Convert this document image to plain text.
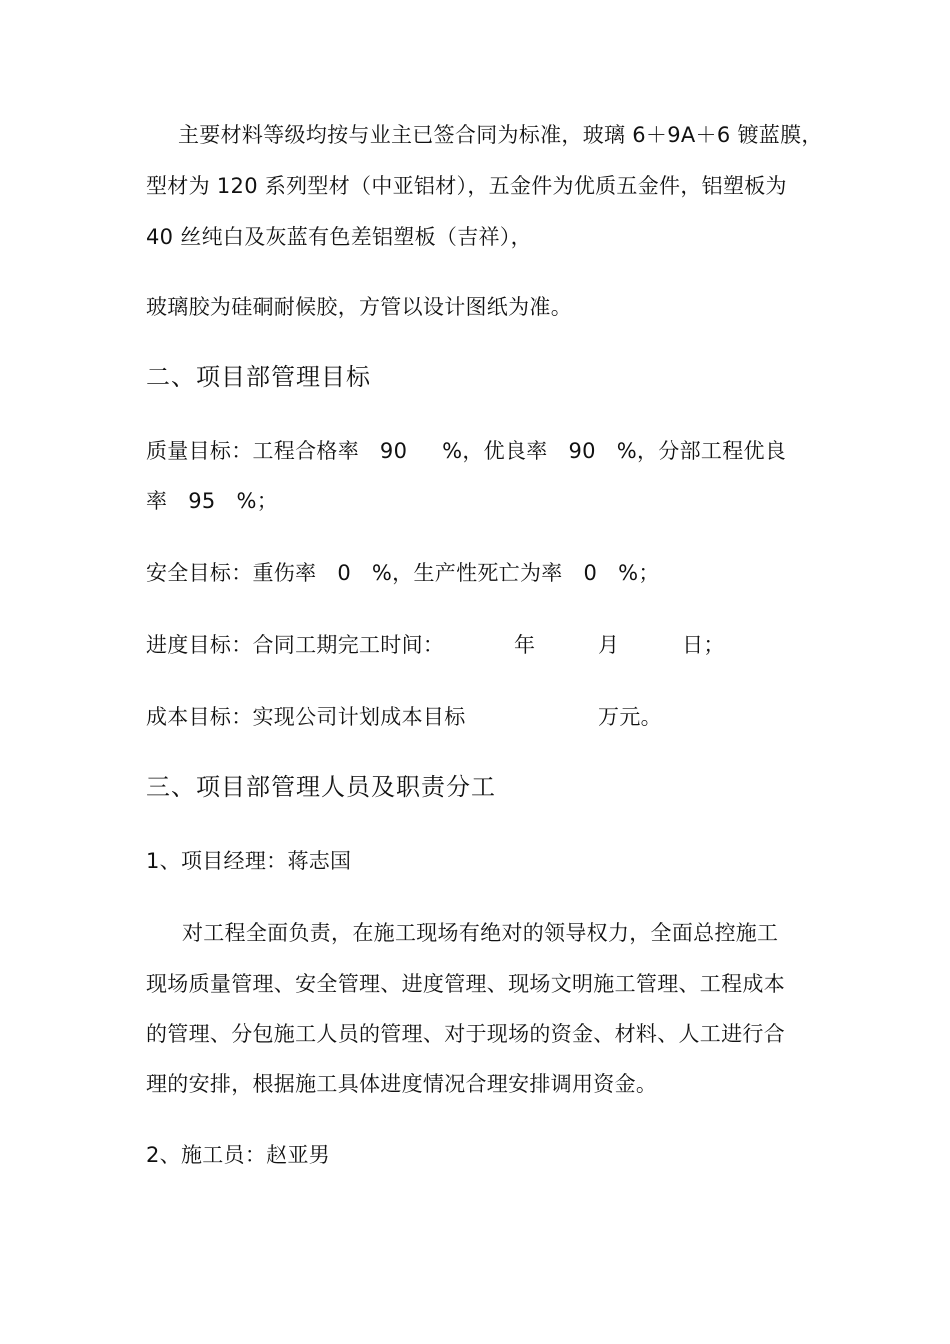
主要材料等级均按与业主已签合同为标准，玻璃 6＋9A＋6 镀蓝膜，
型材为 120 系列型材（中亚铝材），五金件为优质五金件，铝塑板为
40 丝纯白及灰蓝有色差铝塑板（吉祥），
玻璃胶为硅硐耐候胶，方管以设计图纸为准。
二、项目部管理目标
质量目标：工程合格率   90     %，优良率   90   %，分部工程优良
率   95   %；
安全目标：重伤率   0   %，生产性死亡为率   0   %；
进度目标：合同工期完工时间：          年         月         日；
成本目标：实现公司计划成本目标                   万元。
三、项目部管理人员及职责分工
1、项目经理：蒋志国
对工程全面负责，在施工现场有绝对的领导权力，全面总控施工
现场质量管理、安全管理、进度管理、现场文明施工管理、工程成本
的管理、分包施工人员的管理、对于现场的资金、材料、人工进行合
理的安排，根据施工具体进度情况合理安排调用资金。
2、施工员：赵亚男
